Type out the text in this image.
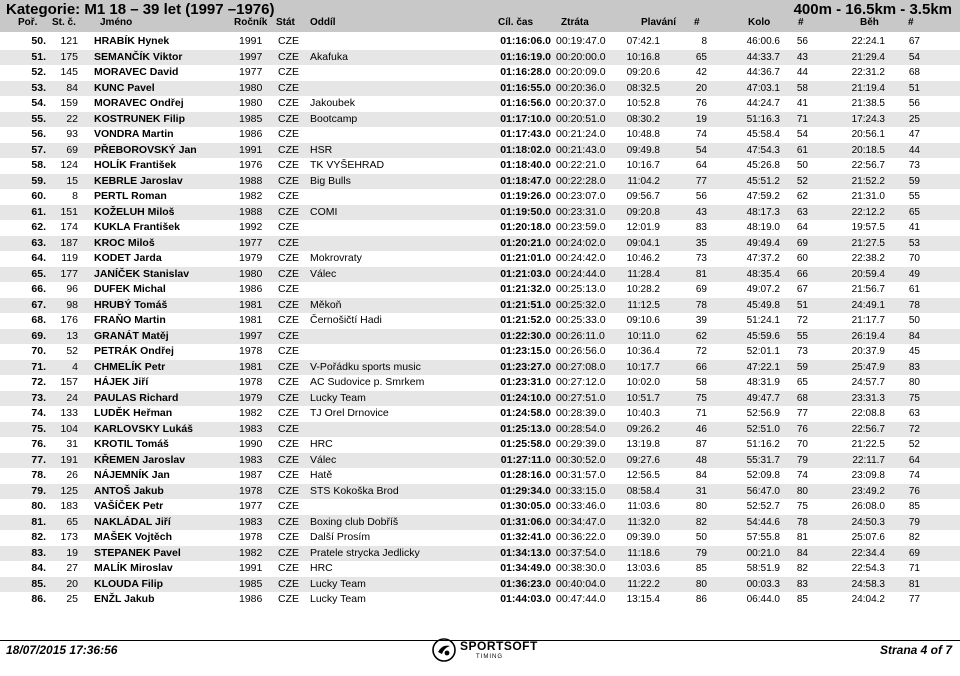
Kategorie: M1 18 – 39 let (1997 –1976)	400m - 16.5km - 3.5km
Poř. St. č. Jméno	Ročník Stát Oddíl	Cíl. čas	Ztráta	Plavání #	Kolo	#	Běh	#
50.	121 HRABÍK Hynek	1991 CZE	01:16:06.0 00:19:47.0	07:42.1	8	46:00.6	56	22:24.1	67
51.	175 SEMANČÍK Viktor	1997 CZE Akafuka	01:16:19.0 00:20:00.0	10:16.8	65	44:33.7	43	21:29.4	54
52.	145 MORAVEC David	1977 CZE	01:16:28.0 00:20:09.0	09:20.6	42	44:36.7	44	22:31.2	68
53.	84 KUNC Pavel	1980 CZE	01:16:55.0 00:20:36.0	08:32.5	20	47:03.1	58	21:19.4	51
54.	159 MORAVEC Ondřej	1980 CZE Jakoubek	01:16:56.0 00:20:37.0	10:52.8	76	44:24.7	41	21:38.5	56
55.	22 KOSTRUNEK Filip	1985 CZE Bootcamp	01:17:10.0 00:20:51.0	08:30.2	19	51:16.3	71	17:24.3	25
56.	93 VONDRA Martin	1986 CZE	01:17:43.0 00:21:24.0	10:48.8	74	45:58.4	54	20:56.1	47
57.	69 PŘEBOROVSKÝ Jan	1991 CZE HSR	01:18:02.0 00:21:43.0	09:49.8	54	47:54.3	61	20:18.5	44
58.	124 HOLÍK František	1976 CZE TK VYŠEHRAD	01:18:40.0 00:22:21.0	10:16.7	64	45:26.8	50	22:56.7	73
59.	15 KEBRLE Jaroslav	1988 CZE Big Bulls	01:18:47.0 00:22:28.0	11:04.2	77	45:51.2	52	21:52.2	59
60.	8 PERTL Roman	1982 CZE	01:19:26.0 00:23:07.0	09:56.7	56	47:59.2	62	21:31.0	55
61.	151 KOŽELUH Miloš	1988 CZE COMI	01:19:50.0 00:23:31.0	09:20.8	43	48:17.3	63	22:12.2	65
62.	174 KUKLA František	1992 CZE	01:20:18.0 00:23:59.0	12:01.9	83	48:19.0	64	19:57.5	41
63.	187 KROC Miloš	1977 CZE	01:20:21.0 00:24:02.0	09:04.1	35	49:49.4	69	21:27.5	53
64.	119 KODET Jarda	1979 CZE Mokrovraty	01:21:01.0 00:24:42.0	10:46.2	73	47:37.2	60	22:38.2	70
65.	177 JANÍČEK Stanislav	1980 CZE Válec	01:21:03.0 00:24:44.0	11:28.4	81	48:35.4	66	20:59.4	49
66.	96 DUFEK Michal	1986 CZE	01:21:32.0 00:25:13.0	10:28.2	69	49:07.2	67	21:56.7	61
67.	98 HRUBÝ Tomáš	1981 CZE Měkoň	01:21:51.0 00:25:32.0	11:12.5	78	45:49.8	51	24:49.1	78
68.	176 FRAŇO Martin	1981 CZE Černošičtí Hadi	01:21:52.0 00:25:33.0	09:10.6	39	51:24.1	72	21:17.7	50
69.	13 GRANÁT Matěj	1997 CZE	01:22:30.0 00:26:11.0	10:11.0	62	45:59.6	55	26:19.4	84
70.	52 PETRÁK Ondřej	1978 CZE	01:23:15.0 00:26:56.0	10:36.4	72	52:01.1	73	20:37.9	45
71.	4 CHMELÍK Petr	1981 CZE V-Pořádku sports music	01:23:27.0 00:27:08.0	10:17.7	66	47:22.1	59	25:47.9	83
72.	157 HÁJEK Jiří	1978 CZE AC Sudovice p. Smrkem	01:23:31.0 00:27:12.0	10:02.0	58	48:31.9	65	24:57.7	80
73.	24 PAULAS Richard	1979 CZE Lucky Team	01:24:10.0 00:27:51.0	10:51.7	75	49:47.7	68	23:31.3	75
74.	133 LUDĚK Heřman	1982 CZE TJ Orel Drnovice	01:24:58.0 00:28:39.0	10:40.3	71	52:56.9	77	22:08.8	63
75.	104 KARLOVSKY Lukáš	1983 CZE	01:25:13.0 00:28:54.0	09:26.2	46	52:51.0	76	22:56.7	72
76.	31 KROTIL Tomáš	1990 CZE HRC	01:25:58.0 00:29:39.0	13:19.8	87	51:16.2	70	21:22.5	52
77.	191 KŘEMEN Jaroslav	1983 CZE Válec	01:27:11.0 00:30:52.0	09:27.6	48	55:31.7	79	22:11.7	64
78.	26 NÁJEMNÍK Jan	1987 CZE Hatě	01:28:16.0 00:31:57.0	12:56.5	84	52:09.8	74	23:09.8	74
79.	125 ANTOŠ Jakub	1978 CZE STS Kokoška Brod	01:29:34.0 00:33:15.0	08:58.4	31	56:47.0	80	23:49.2	76
80.	183 VAŠÍČEK Petr	1977 CZE	01:30:05.0 00:33:46.0	11:03.6	80	52:52.7	75	26:08.0	85
81.	65 NAKLÁDAL Jiří	1983 CZE Boxing club Dobříš	01:31:06.0 00:34:47.0	11:32.0	82	54:44.6	78	24:50.3	79
82.	173 MAŠEK Vojtěch	1978 CZE Další Prosím	01:32:41.0 00:36:22.0	09:39.0	50	57:55.8	81	25:07.6	82
83.	19 STEPANEK Pavel	1982 CZE Pratele strycka Jedlicky	01:34:13.0 00:37:54.0	11:18.6	79	00:21.0	84	22:34.4	69
84.	27 MALÍK Miroslav	1991 CZE HRC	01:34:49.0 00:38:30.0	13:03.6	85	58:51.9	82	22:54.3	71
85.	20 KLOUDA Filip	1985 CZE Lucky Team	01:36:23.0 00:40:04.0	11:22.2	80	00:03.3	83	24:58.3	81
86.	25 ENŽL Jakub	1986 CZE Lucky Team	01:44:03.0 00:47:44.0	13:15.4	86	06:44.0	85	24:04.2	77
18/07/2015 17:36:56	SPORTSOFT
TIMING	Strana 4 of 7
